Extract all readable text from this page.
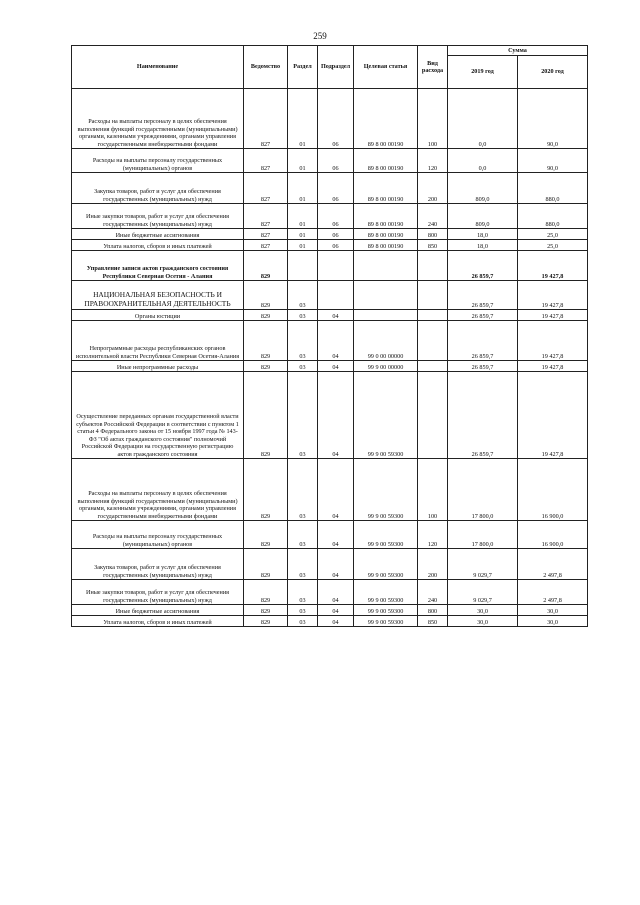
259
Наименование	Ведомство	Раздел	Подраздел	Целевая статья	Вид расхода	Сумма	
						2019 год	2020 год
Расходы на выплаты персоналу в целях обеспечения выполнения функций государственными (муниципальными) органами, казенными учреждениями, органами управления государственными внебюджетными фондами	827	01	06	89 8 00 00190	100	0,0	90,0
Расходы на выплаты персоналу государственных (муниципальных) органов	827	01	06	89 8 00 00190	120	0,0	90,0
Закупка товаров, работ и услуг для обеспечения государственных (муниципальных) нужд	827	01	06	89 8 00 00190	200	809,0	880,0
Иные закупки товаров, работ и услуг для обеспечения государственных (муниципальных) нужд	827	01	06	89 8 00 00190	240	809,0	880,0
Иные бюджетные ассигнования	827	01	06	89 8 00 00190	800	18,0	25,0
Уплата налогов, сборов и иных платежей	827	01	06	89 8 00 00190	850	18,0	25,0
Управление записи актов гражданского состояния Республики Северная Осетия - Алания	829					26 859,7	19 427,8
НАЦИОНАЛЬНАЯ БЕЗОПАСНОСТЬ И ПРАВООХРАНИТЕЛЬНАЯ ДЕЯТЕЛЬНОСТЬ	829	03				26 859,7	19 427,8
Органы юстиции	829	03	04			26 859,7	19 427,8
Непрограммные расходы республиканских органов исполнительной власти Республики Северная Осетия-Алания	829	03	04	99 0 00 00000		26 859,7	19 427,8
Иные непрограммные расходы	829	03	04	99 9 00 00000		26 859,7	19 427,8
Осуществление переданных органам государственной власти субъектов Российской Федерации в соответствии с пунктом 1 статьи 4 Федерального закона от 15 ноября 1997 года № 143-ФЗ "Об актах гражданского состояния" полномочий Российской Федерации на государственную регистрацию актов гражданского состояния	829	03	04	99 9 00 59300		26 859,7	19 427,8
Расходы на выплаты персоналу в целях обеспечения выполнения функций государственными (муниципальными) органами, казенными учреждениями, органами управления государственными внебюджетными фондами	829	03	04	99 9 00 59300	100	17 800,0	16 900,0
Расходы на выплаты персоналу государственных (муниципальных) органов	829	03	04	99 9 00 59300	120	17 800,0	16 900,0
Закупка товаров, работ и услуг для обеспечения государственных (муниципальных) нужд	829	03	04	99 9 00 59300	200	9 029,7	2 497,8
Иные закупки товаров, работ и услуг для обеспечения государственных (муниципальных) нужд	829	03	04	99 9 00 59300	240	9 029,7	2 497,8
Иные бюджетные ассигнования	829	03	04	99 9 00 59300	800	30,0	30,0
Уплата налогов, сборов и иных платежей	829	03	04	99 9 00 59300	850	30,0	30,0
